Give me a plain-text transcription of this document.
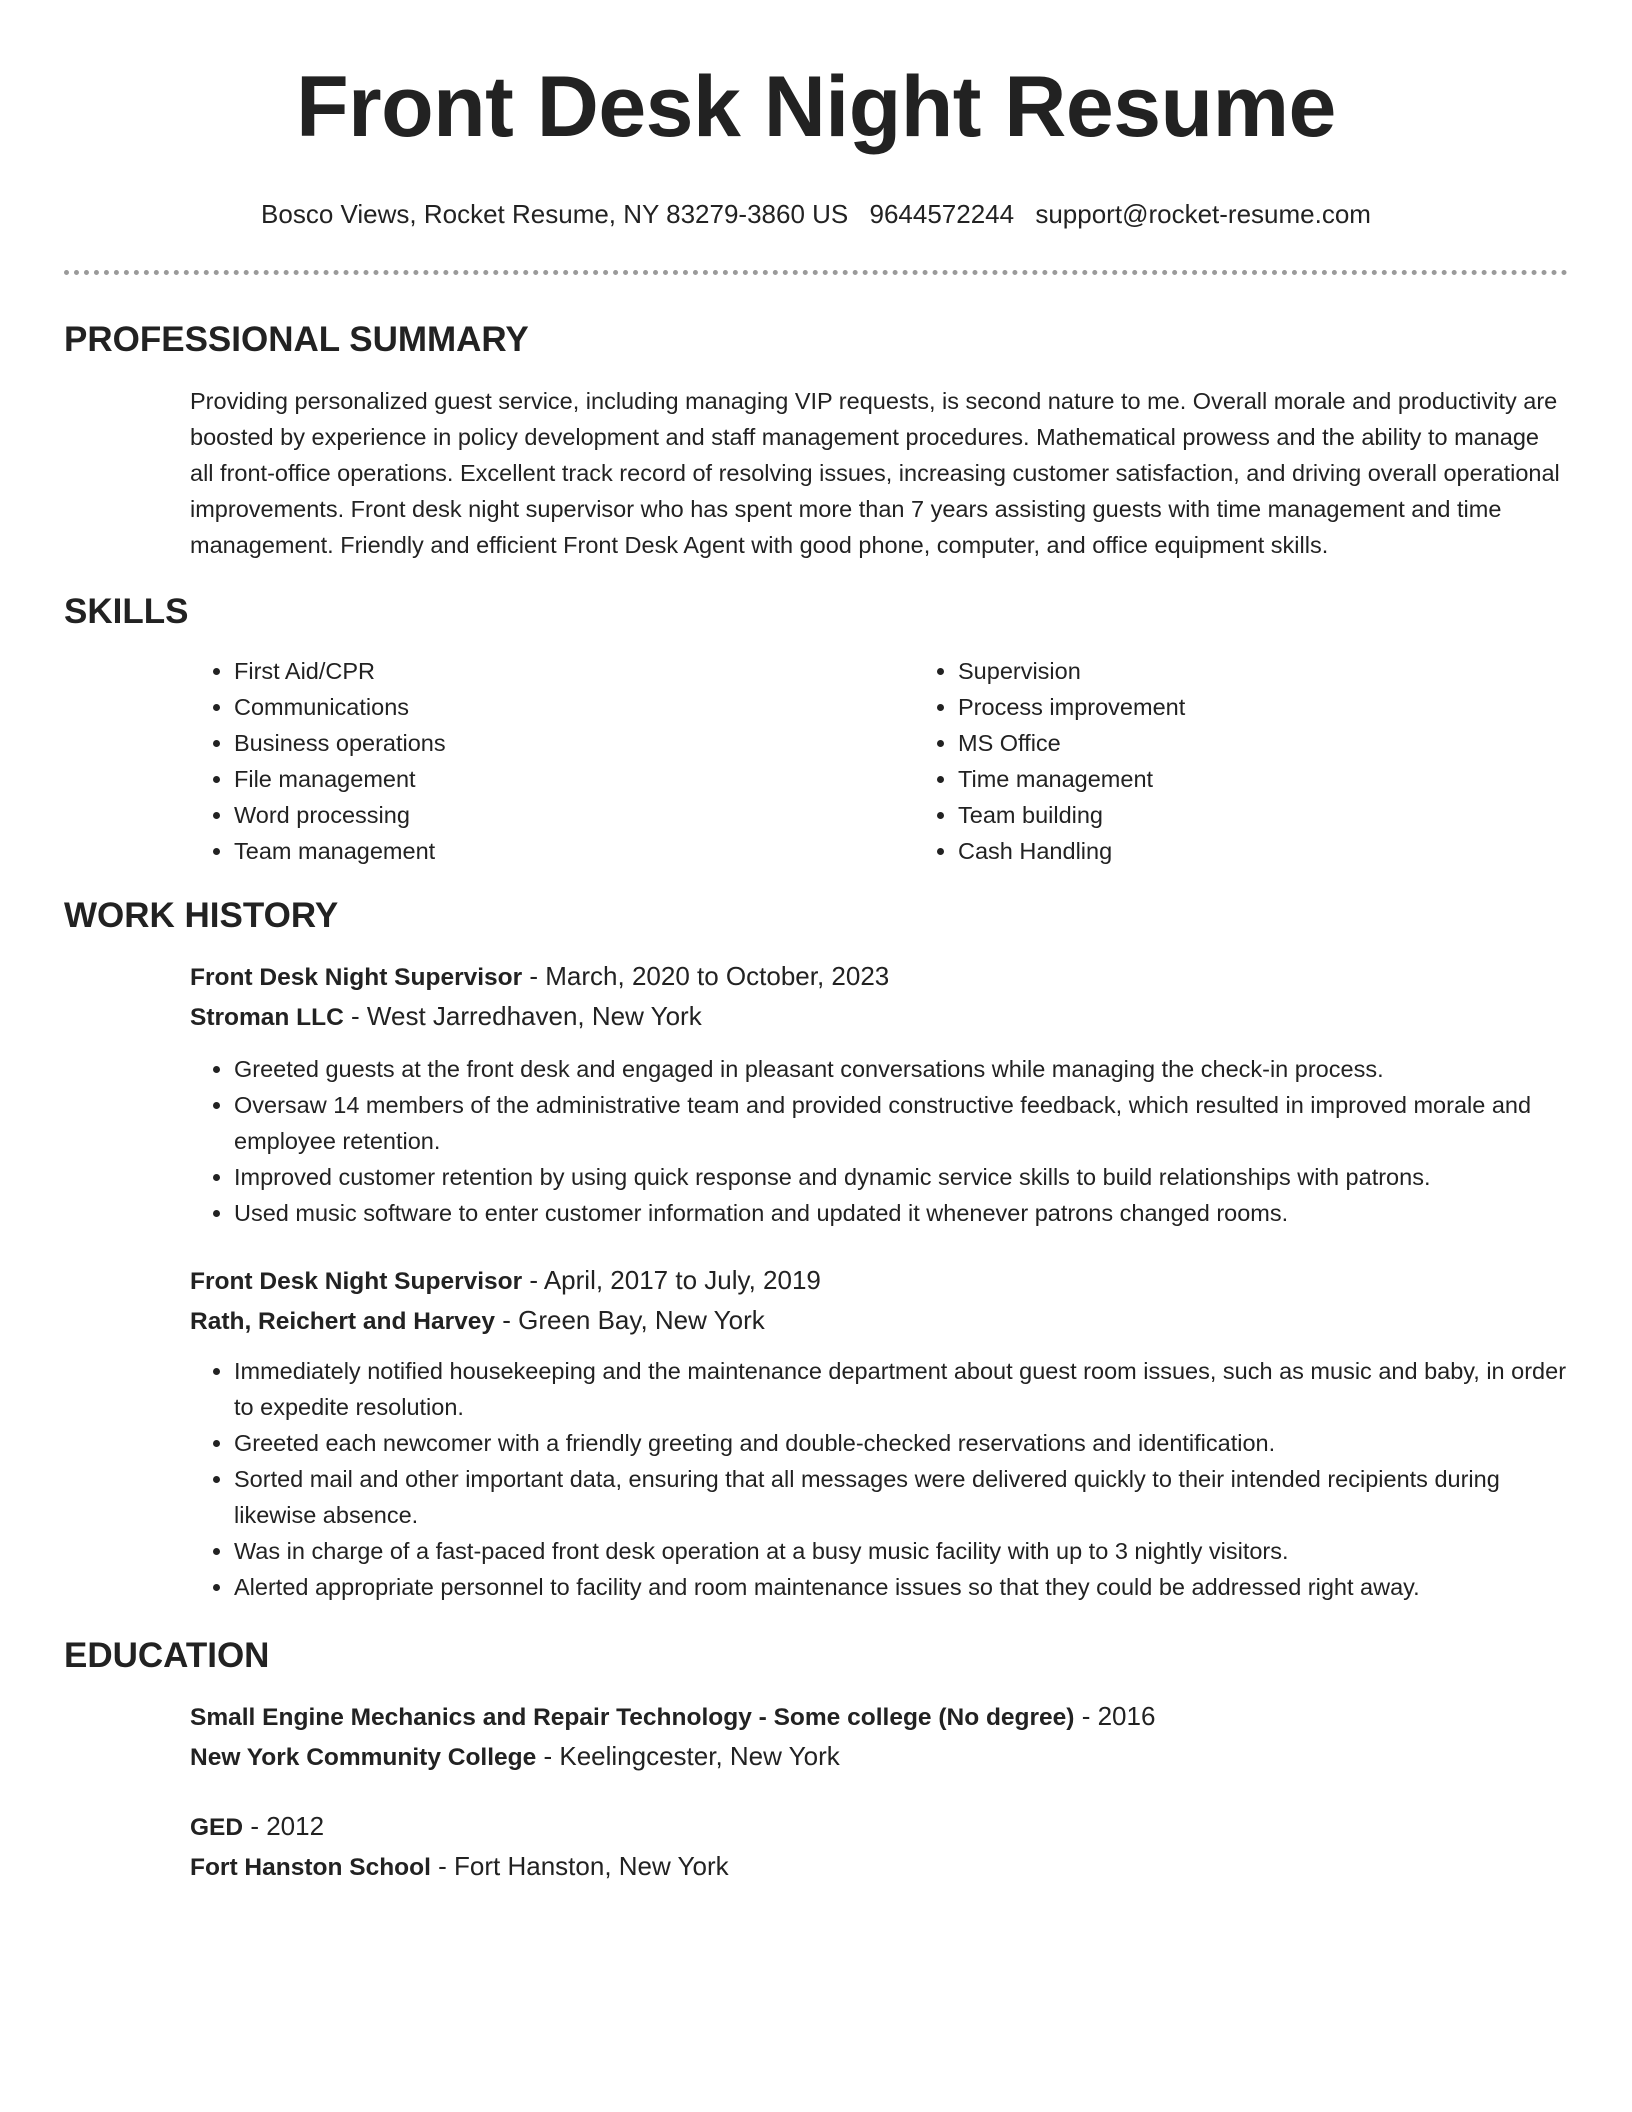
Front Desk Night Resume
Bosco Views, Rocket Resume, NY 83279-3860 US 9644572244 support@rocket-resume.com
PROFESSIONAL SUMMARY

Providing personalized guest service, including managing VIP requests, is second nature to me. Overall morale and productivity are boosted by experience in policy development and staff management procedures. Mathematical prowess and the ability to manage all front-office operations. Excellent track record of resolving issues, increasing customer satisfaction, and driving overall operational improvements. Front desk night supervisor who has spent more than 7 years assisting guests with time management and time management. Friendly and efficient Front Desk Agent with good phone, computer, and office equipment skills.

SKILLS
• First Aid/CPR
• Communications
• Business operations
• File management
• Word processing
• Team management
• Supervision
• Process improvement
• MS Office
• Time management
• Team building
• Cash Handling
WORK HISTORY
Front Desk Night Supervisor - March, 2020 to October, 2023
Stroman LLC - West Jarredhaven, New York
• Greeted guests at the front desk and engaged in pleasant conversations while managing the check-in process.
• Oversaw 14 members of the administrative team and provided constructive feedback, which resulted in improved morale and employee retention.
• Improved customer retention by using quick response and dynamic service skills to build relationships with patrons.
• Used music software to enter customer information and updated it whenever patrons changed rooms.
Front Desk Night Supervisor - April, 2017 to July, 2019
Rath, Reichert and Harvey - Green Bay, New York
• Immediately notified housekeeping and the maintenance department about guest room issues, such as music and baby, in order to expedite resolution.
• Greeted each newcomer with a friendly greeting and double-checked reservations and identification.
• Sorted mail and other important data, ensuring that all messages were delivered quickly to their intended recipients during likewise absence.
• Was in charge of a fast-paced front desk operation at a busy music facility with up to 3 nightly visitors.
• Alerted appropriate personnel to facility and room maintenance issues so that they could be addressed right away.
EDUCATION
Small Engine Mechanics and Repair Technology - Some college (No degree) - 2016
New York Community College - Keelingcester, New York
GED - 2012
Fort Hanston School - Fort Hanston, New York
